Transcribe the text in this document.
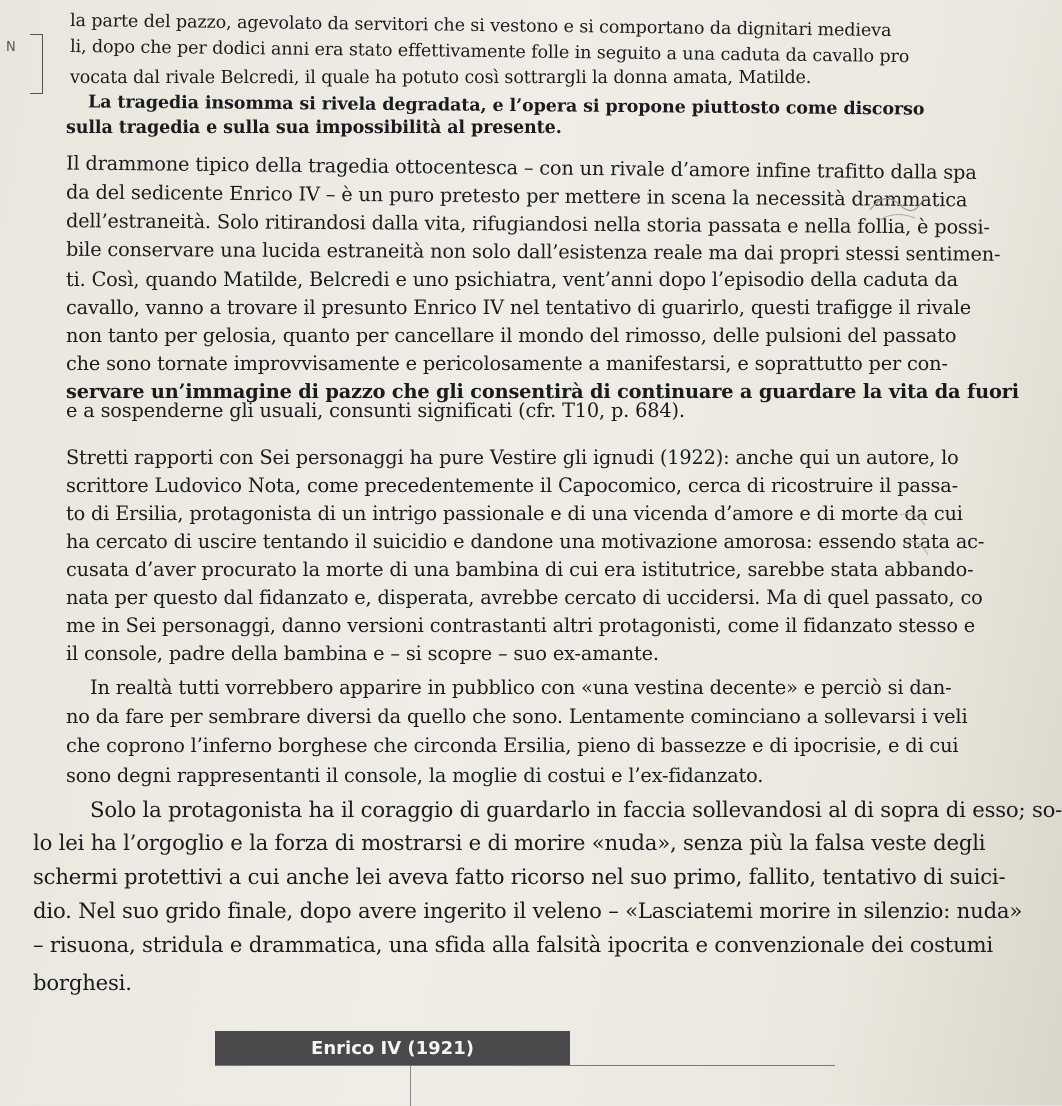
N

la parte del pazzo, agevolato da servitori che si vestono e si comportano da dignitari medieva

li, dopo che per dodici anni era stato effettivamente folle in seguito a una caduta da cavallo pro

vocata dal rivale Belcredi, il quale ha potuto così sottrargli la donna amata, Matilde.

La tragedia insomma si rivela degradata, e l’opera si propone piuttosto come discorso

sulla tragedia e sulla sua impossibilità al presente.

Il drammone tipico della tragedia ottocentesca – con un rivale d’amore infine trafitto dalla spa

da del sedicente Enrico IV – è un puro pretesto per mettere in scena la necessità drammatica

dell’estraneità. Solo ritirandosi dalla vita, rifugiandosi nella storia passata e nella follia, è possi-

bile conservare una lucida estraneità non solo dall’esistenza reale ma dai propri stessi sentimen-

ti. Così, quando Matilde, Belcredi e uno psichiatra, vent’anni dopo l’episodio della caduta da

cavallo, vanno a trovare il presunto Enrico IV nel tentativo di guarirlo, questi trafigge il rivale

non tanto per gelosia, quanto per cancellare il mondo del rimosso, delle pulsioni del passato

che sono tornate improvvisamente e pericolosamente a manifestarsi, e soprattutto per con-

servare un’immagine di pazzo che gli consentirà di continuare a guardare la vita da fuori

e a sospenderne gli usuali, consunti significati (cfr. T10, p. 684).

Stretti rapporti con Sei personaggi ha pure Vestire gli ignudi (1922): anche qui un autore, lo

scrittore Ludovico Nota, come precedentemente il Capocomico, cerca di ricostruire il passa-

to di Ersilia, protagonista di un intrigo passionale e di una vicenda d’amore e di morte da cui

ha cercato di uscire tentando il suicidio e dandone una motivazione amorosa: essendo stata ac-

cusata d’aver procurato la morte di una bambina di cui era istitutrice, sarebbe stata abbando-

nata per questo dal fidanzato e, disperata, avrebbe cercato di uccidersi. Ma di quel passato, co

me in Sei personaggi, danno versioni contrastanti altri protagonisti, come il fidanzato stesso e

il console, padre della bambina e – si scopre – suo ex-amante.

In realtà tutti vorrebbero apparire in pubblico con «una vestina decente» e perciò si dan-

no da fare per sembrare diversi da quello che sono. Lentamente cominciano a sollevarsi i veli

che coprono l’inferno borghese che circonda Ersilia, pieno di bassezze e di ipocrisie, e di cui

sono degni rappresentanti il console, la moglie di costui e l’ex-fidanzato.

Solo la protagonista ha il coraggio di guardarlo in faccia sollevandosi al di sopra di esso; so-

lo lei ha l’orgoglio e la forza di mostrarsi e di morire «nuda», senza più la falsa veste degli

schermi protettivi a cui anche lei aveva fatto ricorso nel suo primo, fallito, tentativo di suici-

dio. Nel suo grido finale, dopo avere ingerito il veleno – «Lasciatemi morire in silenzio: nuda»

– risuona, stridula e drammatica, una sfida alla falsità ipocrita e convenzionale dei costumi

borghesi.

Enrico IV (1921)
